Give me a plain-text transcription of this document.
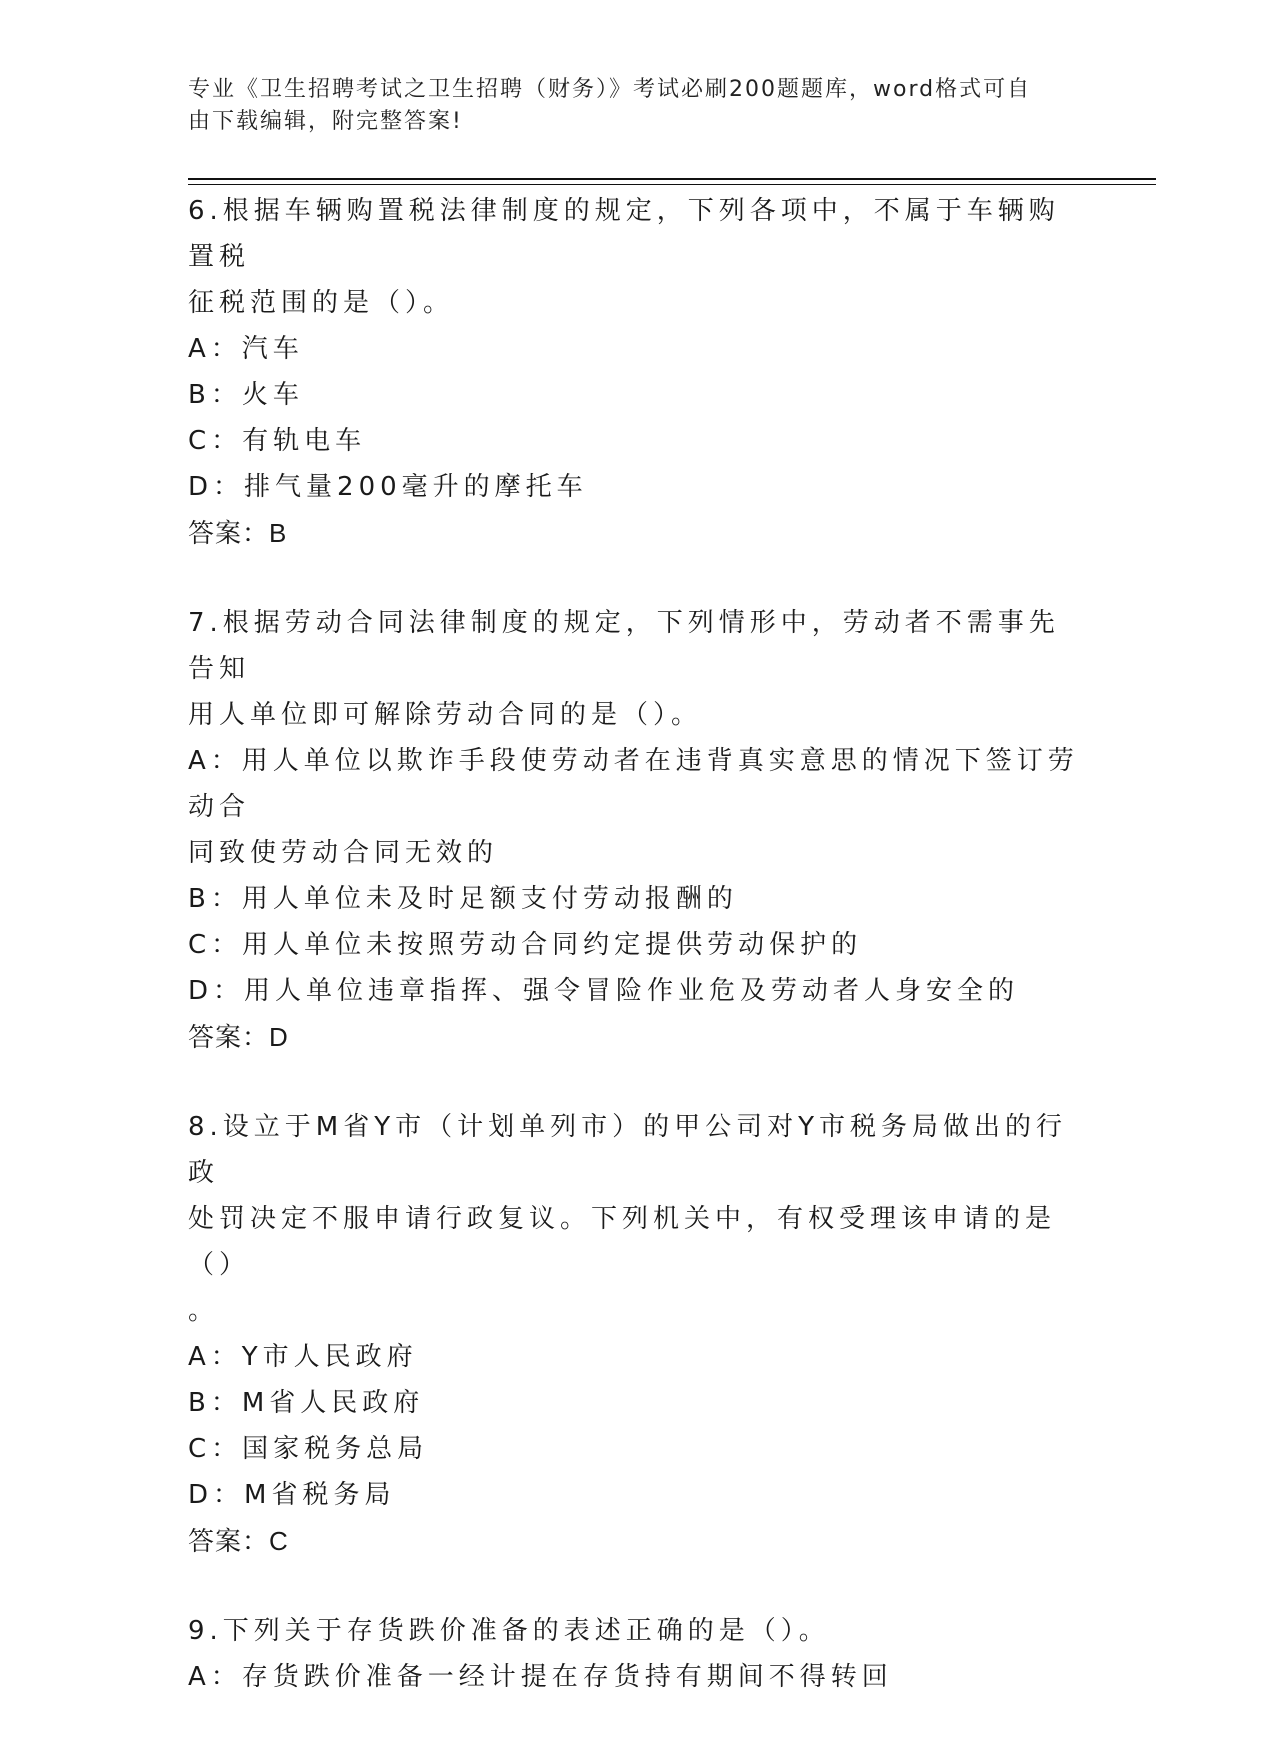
专业《卫生招聘考试之卫生招聘（财务）》考试必刷200题题库，word格式可自
由下载编辑，附完整答案!
6.根据车辆购置税法律制度的规定，下列各项中，不属于车辆购置税
征税范围的是（）。
A：汽车
B：火车
C：有轨电车
D：排气量200毫升的摩托车
答案：B
7.根据劳动合同法律制度的规定，下列情形中，劳动者不需事先告知
用人单位即可解除劳动合同的是（）。
A：用人单位以欺诈手段使劳动者在违背真实意思的情况下签订劳动合
同致使劳动合同无效的
B：用人单位未及时足额支付劳动报酬的
C：用人单位未按照劳动合同约定提供劳动保护的
D：用人单位违章指挥、强令冒险作业危及劳动者人身安全的
答案：D
8.设立于M省Y市（计划单列市）的甲公司对Y市税务局做出的行政
处罚决定不服申请行政复议。下列机关中，有权受理该申请的是（）
。
A：Y市人民政府
B：M省人民政府
C：国家税务总局
D：M省税务局
答案：C
9.下列关于存货跌价准备的表述正确的是（）。
A：存货跌价准备一经计提在存货持有期间不得转回
